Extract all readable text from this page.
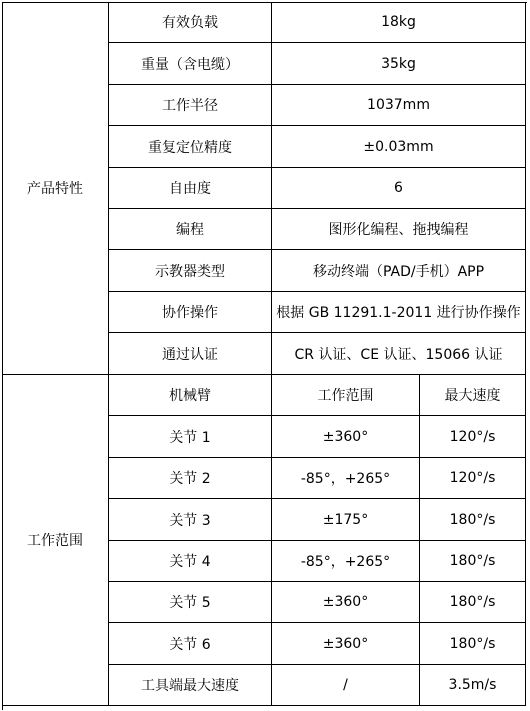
产品特性
有效负载	18kg
重量（含电缆）	35kg
工作半径	1037mm
重复定位精度	±0.03mm
自由度	6
编程	图形化编程、拖拽编程
示教器类型	移动终端（PAD/手机）APP
协作操作	根据 GB 11291.1-2011 进行协作操作
通过认证	CR 认证、CE 认证、15066 认证
工作范围
机械臂	工作范围	最大速度
关节 1	±360°	120°/s
关节 2	-85°，+265°	120°/s
关节 3	±175°	180°/s
关节 4	-85°，+265°	180°/s
关节 5	±360°	180°/s
关节 6	±360°	180°/s
工具端最大速度	/	3.5m/s
